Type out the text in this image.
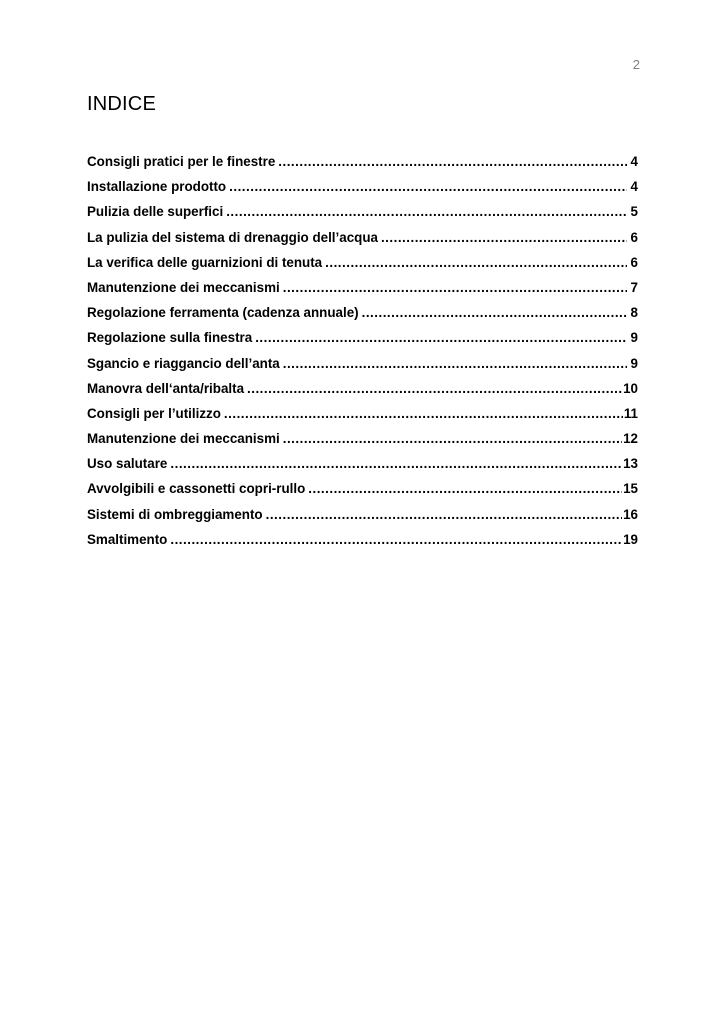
2
INDICE
Consigli pratici per le finestre .....	4
Installazione prodotto .....	4
Pulizia delle superfici .....	5
La pulizia del sistema di drenaggio dell’acqua .....	6
La verifica delle guarnizioni di tenuta .....	6
Manutenzione dei meccanismi .....	7
Regolazione ferramenta (cadenza annuale) .....	8
Regolazione sulla finestra .....	9
Sgancio e riaggancio dell’anta .....	9
Manovra dell‘anta/ribalta .....	10
Consigli per l’utilizzo .....	11
Manutenzione dei meccanismi .....	12
Uso salutare .....	13
Avvolgibili e cassonetti copri-rullo .....	15
Sistemi di ombreggiamento .....	16
Smaltimento .....	19
